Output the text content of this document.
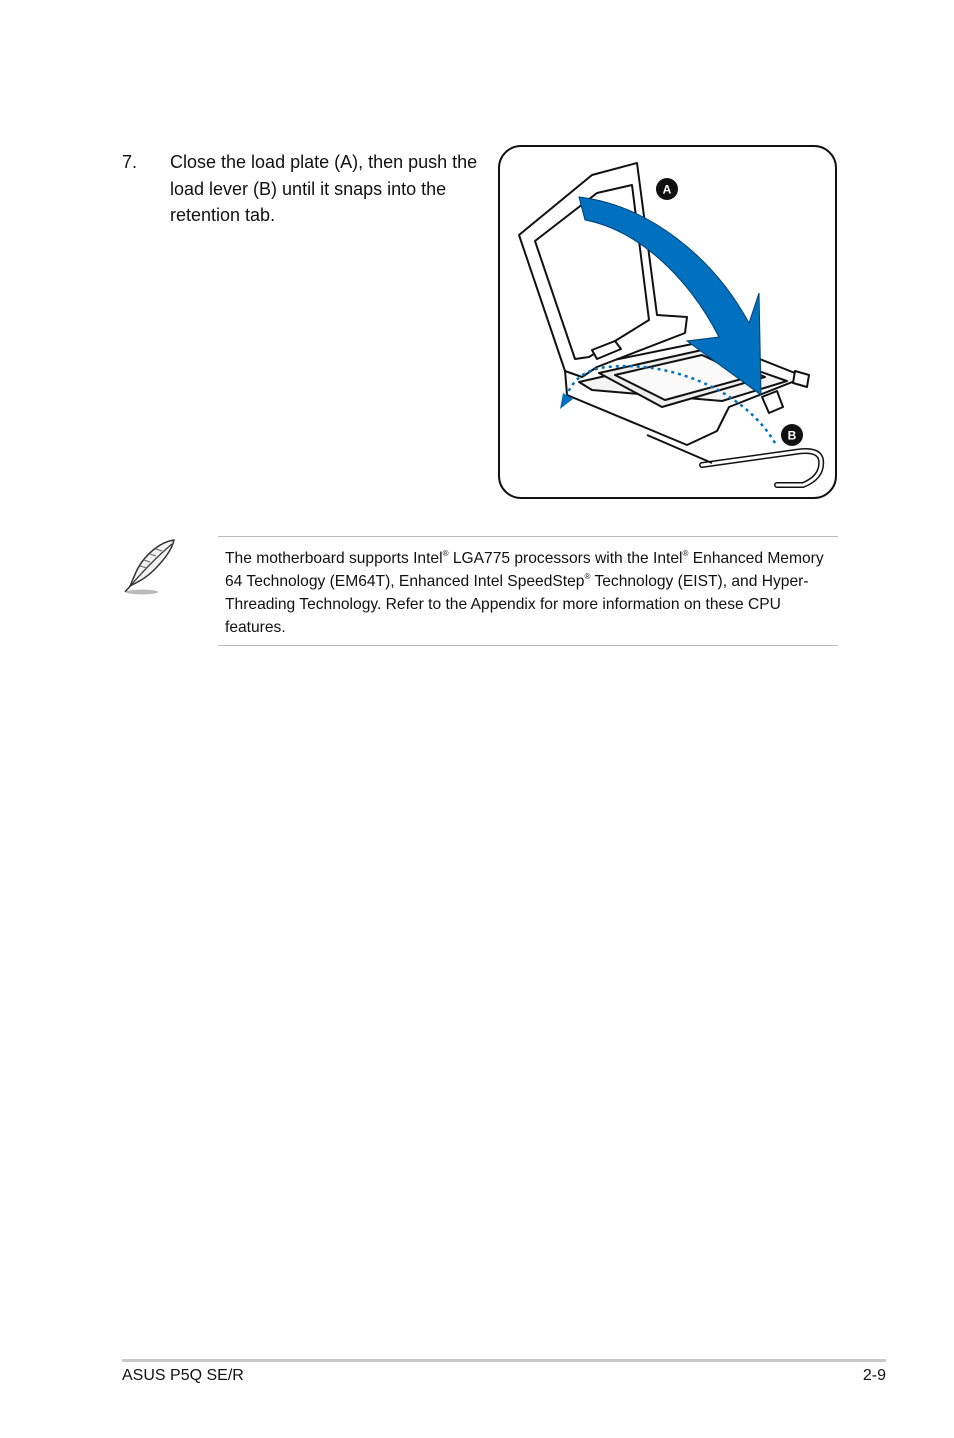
7. Close the load plate (A), then push the load lever (B) until it snaps into the retention tab.
A
B
The motherboard supports Intel® LGA775 processors with the Intel® Enhanced Memory 64 Technology (EM64T), Enhanced Intel SpeedStep® Technology (EIST), and Hyper-Threading Technology. Refer to the Appendix for more information on these CPU features.
ASUS P5Q SE/R	2-9
